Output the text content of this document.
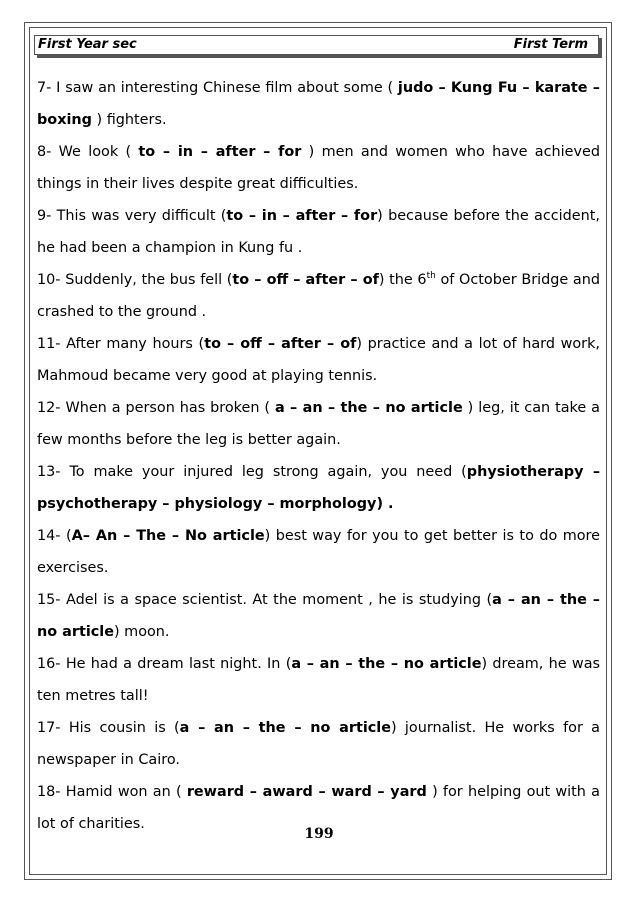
First Year sec	First Term

7- I saw an interesting Chinese film about some ( judo – Kung Fu – karate – boxing ) fighters.

8- We look ( to – in – after – for ) men and women who have achieved things in their lives despite great difficulties.

9- This was very difficult (to – in – after – for) because before the accident, he had been a champion in Kung fu .

10- Suddenly, the bus fell (to – off – after – of) the 6th of October Bridge and crashed to the ground .

11- After many hours (to – off – after – of) practice and a lot of hard work, Mahmoud became very good at playing tennis.

12- When a person has broken ( a – an – the – no article ) leg, it can take a few months before the leg is better again.

13- To make your injured leg strong again, you need (physiotherapy – psychotherapy – physiology – morphology) .

14- (A– An – The – No article) best way for you to get better is to do more exercises.

15- Adel is a space scientist. At the moment , he is studying (a – an – the – no article) moon.

16- He had a dream last night. In (a – an – the – no article) dream, he was ten metres tall!

17- His cousin is (a – an – the – no article) journalist. He works for a newspaper in Cairo.

18- Hamid won an ( reward – award – ward – yard ) for helping out with a lot of charities.

199
